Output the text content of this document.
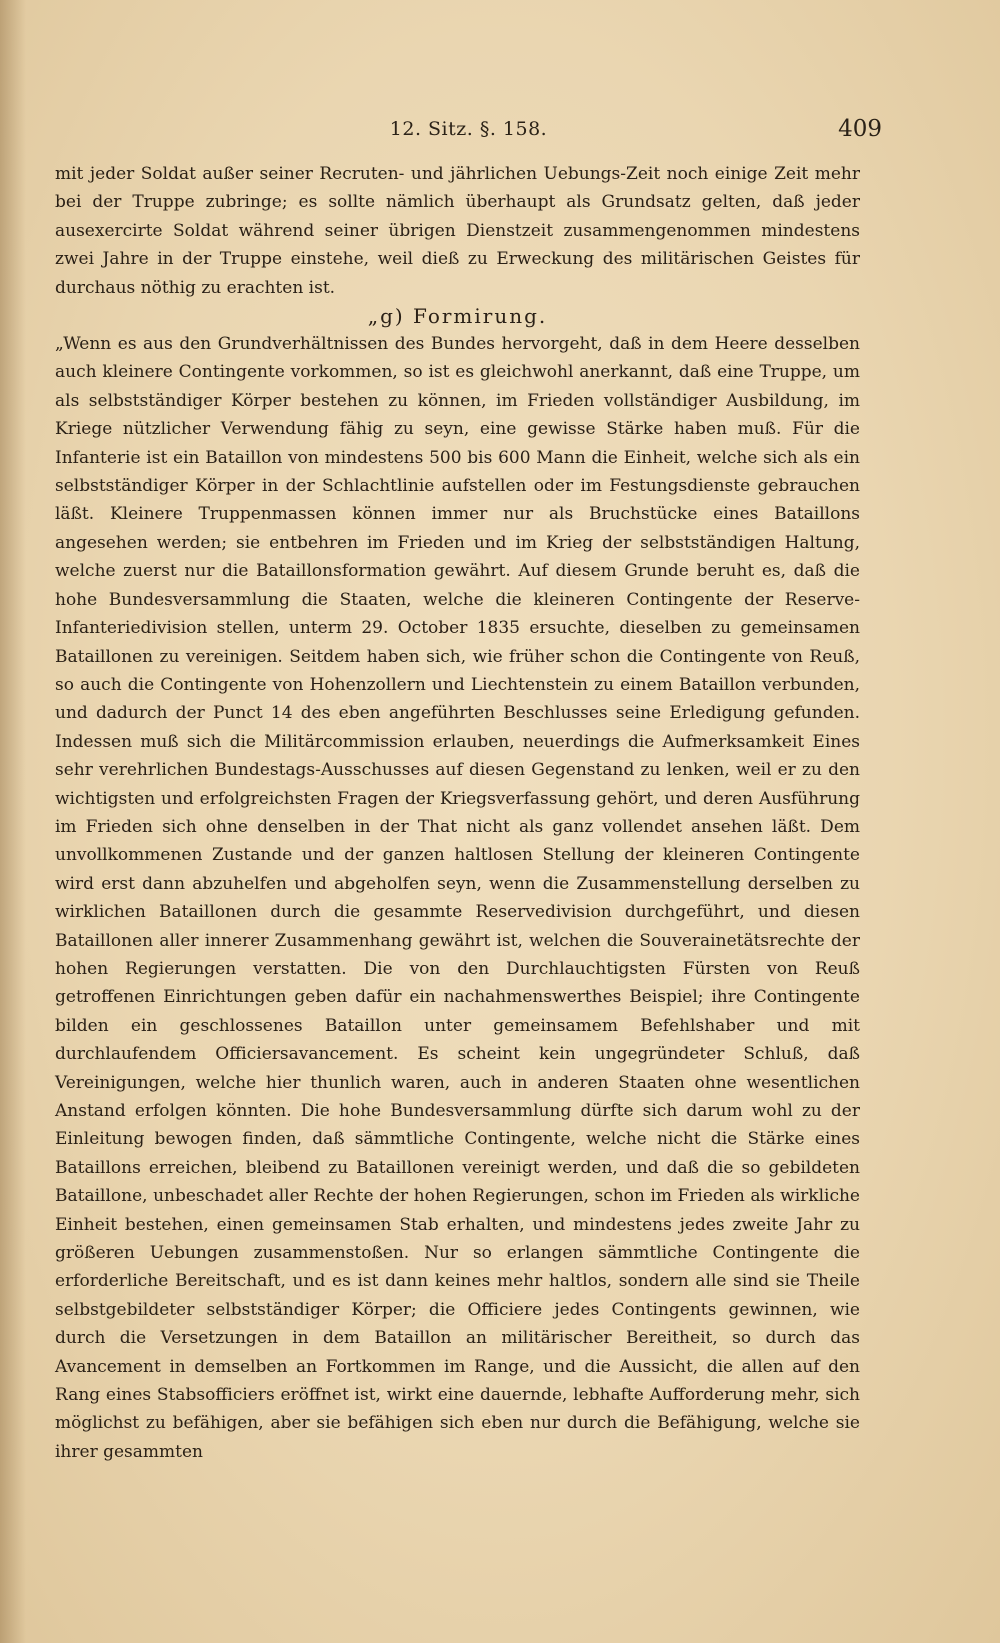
12. Sitz. §. 158.	409

mit jeder Soldat außer seiner Recruten- und jährlichen Uebungs-Zeit noch einige Zeit mehr bei der Truppe zubringe; es sollte nämlich überhaupt als Grundsatz gelten, daß jeder ausexercirte Soldat während seiner übrigen Dienstzeit zusammengenommen mindestens zwei Jahre in der Truppe einstehe, weil dieß zu Erweckung des militärischen Geistes für durchaus nöthig zu erachten ist.

„g) Formirung.

„Wenn es aus den Grundverhältnissen des Bundes hervorgeht, daß in dem Heere desselben auch kleinere Contingente vorkommen, so ist es gleichwohl anerkannt, daß eine Truppe, um als selbstständiger Körper bestehen zu können, im Frieden vollständiger Ausbildung, im Kriege nützlicher Verwendung fähig zu seyn, eine gewisse Stärke haben muß. Für die Infanterie ist ein Bataillon von mindestens 500 bis 600 Mann die Einheit, welche sich als ein selbstständiger Körper in der Schlachtlinie aufstellen oder im Festungsdienste gebrauchen läßt. Kleinere Truppenmassen können immer nur als Bruchstücke eines Bataillons angesehen werden; sie entbehren im Frieden und im Krieg der selbstständigen Haltung, welche zuerst nur die Bataillonsformation gewährt. Auf diesem Grunde beruht es, daß die hohe Bundesversammlung die Staaten, welche die kleineren Contingente der Reserve-Infanteriedivision stellen, unterm 29. October 1835 ersuchte, dieselben zu gemeinsamen Bataillonen zu vereinigen. Seitdem haben sich, wie früher schon die Contingente von Reuß, so auch die Contingente von Hohenzollern und Liechtenstein zu einem Bataillon verbunden, und dadurch der Punct 14 des eben angeführten Beschlusses seine Erledigung gefunden. Indessen muß sich die Militärcommission erlauben, neuerdings die Aufmerksamkeit Eines sehr verehrlichen Bundestags-Ausschusses auf diesen Gegenstand zu lenken, weil er zu den wichtigsten und erfolgreichsten Fragen der Kriegsverfassung gehört, und deren Ausführung im Frieden sich ohne denselben in der That nicht als ganz vollendet ansehen läßt. Dem unvollkommenen Zustande und der ganzen haltlosen Stellung der kleineren Contingente wird erst dann abzuhelfen und abgeholfen seyn, wenn die Zusammenstellung derselben zu wirklichen Bataillonen durch die gesammte Reservedivision durchgeführt, und diesen Bataillonen aller innerer Zusammenhang gewährt ist, welchen die Souverainetätsrechte der hohen Regierungen verstatten. Die von den Durchlauchtigsten Fürsten von Reuß getroffenen Einrichtungen geben dafür ein nachahmenswerthes Beispiel; ihre Contingente bilden ein geschlossenes Bataillon unter gemeinsamem Befehlshaber und mit durchlaufendem Officiersavancement. Es scheint kein ungegründeter Schluß, daß Vereinigungen, welche hier thunlich waren, auch in anderen Staaten ohne wesentlichen Anstand erfolgen könnten. Die hohe Bundesversammlung dürfte sich darum wohl zu der Einleitung bewogen finden, daß sämmtliche Contingente, welche nicht die Stärke eines Bataillons erreichen, bleibend zu Bataillonen vereinigt werden, und daß die so gebildeten Bataillone, unbeschadet aller Rechte der hohen Regierungen, schon im Frieden als wirkliche Einheit bestehen, einen gemeinsamen Stab erhalten, und mindestens jedes zweite Jahr zu größeren Uebungen zusammenstoßen. Nur so erlangen sämmtliche Contingente die erforderliche Bereitschaft, und es ist dann keines mehr haltlos, sondern alle sind sie Theile selbstgebildeter selbstständiger Körper; die Officiere jedes Contingents gewinnen, wie durch die Versetzungen in dem Bataillon an militärischer Bereitheit, so durch das Avancement in demselben an Fortkommen im Range, und die Aussicht, die allen auf den Rang eines Stabsofficiers eröffnet ist, wirkt eine dauernde, lebhafte Aufforderung mehr, sich möglichst zu befähigen, aber sie befähigen sich eben nur durch die Befähigung, welche sie ihrer gesammten
